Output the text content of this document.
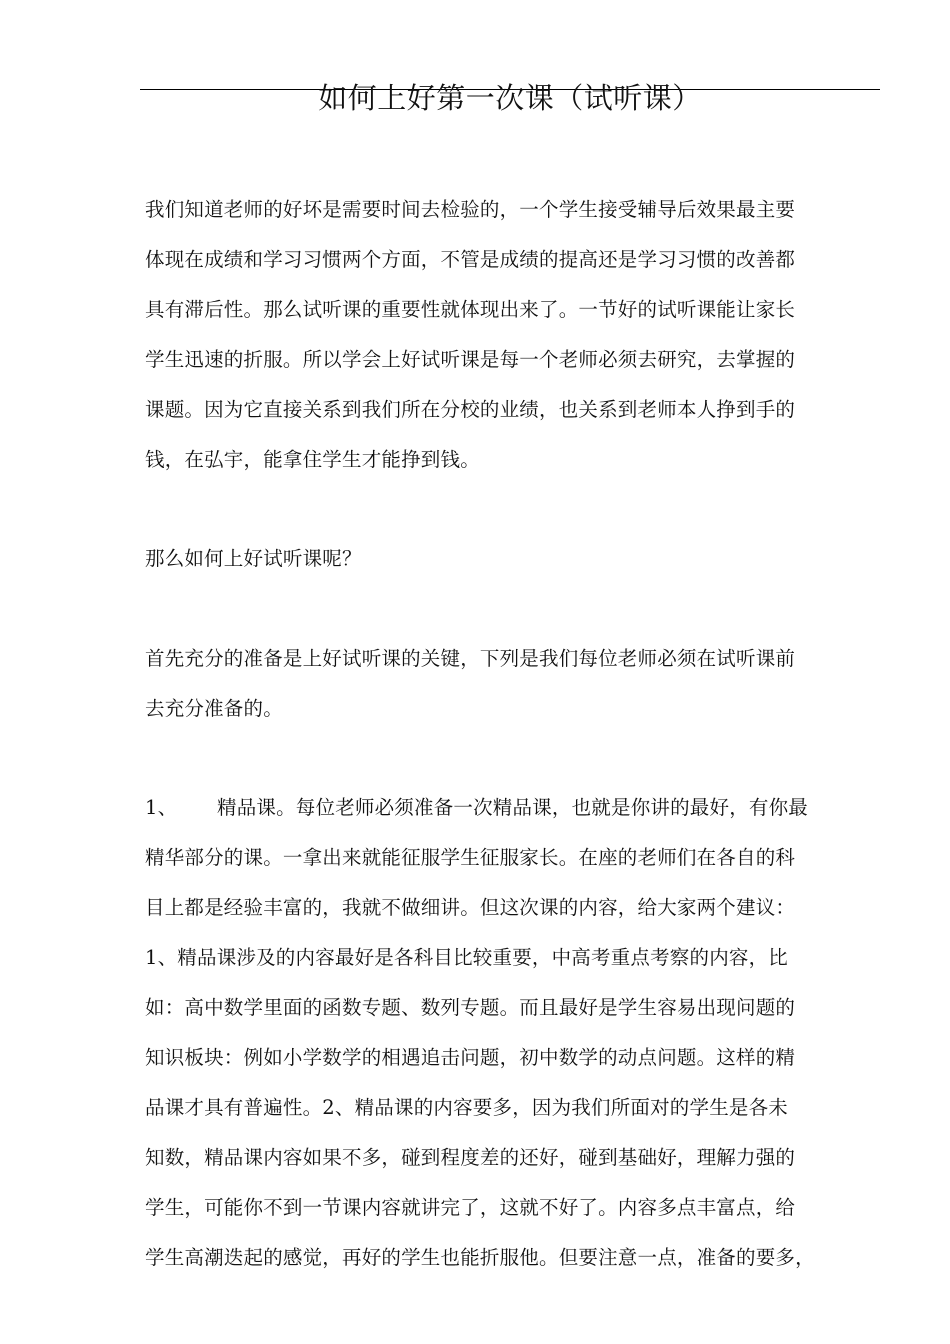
如何上好第一次课（试听课）
我们知道老师的好坏是需要时间去检验的，一个学生接受辅导后效果最主要
体现在成绩和学习习惯两个方面，不管是成绩的提高还是学习习惯的改善都
具有滞后性。那么试听课的重要性就体现出来了。一节好的试听课能让家长
学生迅速的折服。所以学会上好试听课是每一个老师必须去研究，去掌握的
课题。因为它直接关系到我们所在分校的业绩，也关系到老师本人挣到手的
钱，在弘宇，能拿住学生才能挣到钱。
那么如何上好试听课呢？
首先充分的准备是上好试听课的关键，下列是我们每位老师必须在试听课前
去充分准备的。
1、 精品课。每位老师必须准备一次精品课，也就是你讲的最好，有你最
精华部分的课。一拿出来就能征服学生征服家长。在座的老师们在各自的科
目上都是经验丰富的，我就不做细讲。但这次课的内容，给大家两个建议：
1、精品课涉及的内容最好是各科目比较重要，中高考重点考察的内容，比
如：高中数学里面的函数专题、数列专题。而且最好是学生容易出现问题的
知识板块：例如小学数学的相遇追击问题，初中数学的动点问题。这样的精
品课才具有普遍性。2、精品课的内容要多，因为我们所面对的学生是各未
知数，精品课内容如果不多，碰到程度差的还好，碰到基础好，理解力强的
学生，可能你不到一节课内容就讲完了，这就不好了。内容多点丰富点，给
学生高潮迭起的感觉，再好的学生也能折服他。但要注意一点，准备的要多，
